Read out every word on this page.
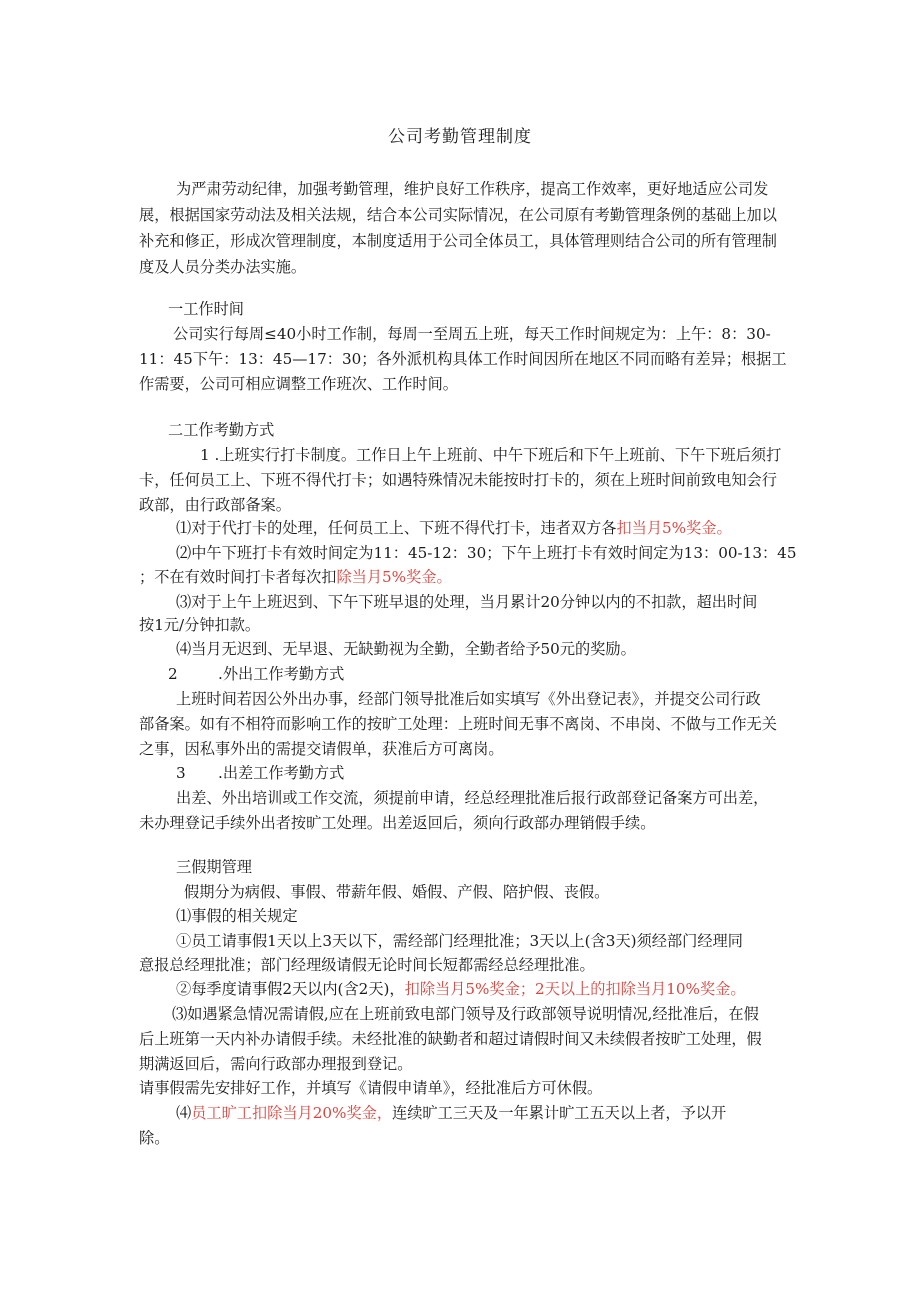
公司考勤管理制度
为严肃劳动纪律，加强考勤管理，维护良好工作秩序，提高工作效率，更好地适应公司发
展，根据国家劳动法及相关法规，结合本公司实际情况，在公司原有考勤管理条例的基础上加以
补充和修正，形成次管理制度，本制度适用于公司全体员工，具体管理则结合公司的所有管理制
度及人员分类办法实施。
一工作时间
公司实行每周≤40小时工作制，每周一至周五上班，每天工作时间规定为：上午：8：30-
11：45下午：13：45—17：30；各外派机构具体工作时间因所在地区不同而略有差异；根据工
作需要，公司可相应调整工作班次、工作时间。
二工作考勤方式
1 .上班实行打卡制度。工作日上午上班前、中午下班后和下午上班前、下午下班后须打
卡，任何员工上、下班不得代打卡；如遇特殊情况未能按时打卡的，须在上班时间前致电知会行
政部，由行政部备案。
⑴对于代打卡的处理，任何员工上、下班不得代打卡，违者双方各扣当月5%奖金。
⑵中午下班打卡有效时间定为11：45-12：30；下午上班打卡有效时间定为13：00-13：45
；不在有效时间打卡者每次扣除当月5%奖金。
⑶对于上午上班迟到、下午下班早退的处理，当月累计20分钟以内的不扣款，超出时间
按1元/分钟扣款。
⑷当月无迟到、无早退、无缺勤视为全勤，全勤者给予50元的奖励。
2	.外出工作考勤方式
上班时间若因公外出办事，经部门领导批准后如实填写《外出登记表》，并提交公司行政
部备案。如有不相符而影响工作的按旷工处理：上班时间无事不离岗、不串岗、不做与工作无关
之事，因私事外出的需提交请假单，获准后方可离岗。
3 .出差工作考勤方式
出差、外出培训或工作交流，须提前申请，经总经理批准后报行政部登记备案方可出差，
未办理登记手续外出者按旷工处理。出差返回后，须向行政部办理销假手续。
三假期管理
假期分为病假、事假、带薪年假、婚假、产假、陪护假、丧假。
⑴事假的相关规定
①员工请事假1天以上3天以下，需经部门经理批准；3天以上(含3天)须经部门经理同
意报总经理批准；部门经理级请假无论时间长短都需经总经理批准。
②每季度请事假2天以内(含2天)，扣除当月5%奖金；2天以上的扣除当月10%奖金。
⑶如遇紧急情况需请假,应在上班前致电部门领导及行政部领导说明情况,经批准后，在假
后上班第一天内补办请假手续。未经批准的缺勤者和超过请假时间又未续假者按旷工处理，假
期满返回后，需向行政部办理报到登记。
请事假需先安排好工作，并填写《请假申请单》，经批准后方可休假。
⑷员工旷工扣除当月20%奖金，连续旷工三天及一年累计旷工五天以上者，予以开
除。
